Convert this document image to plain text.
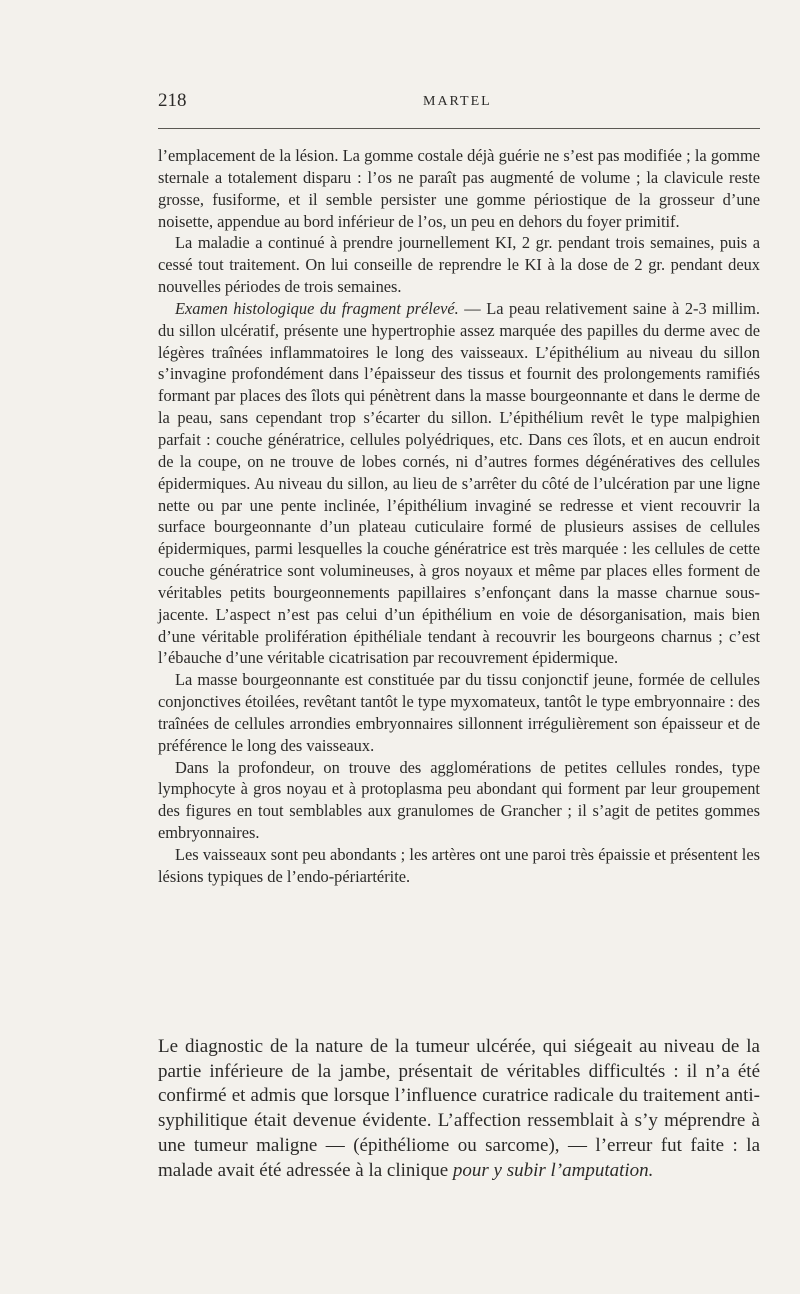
218	MARTEL

l’emplacement de la lésion. La gomme costale déjà guérie ne s’est pas modifiée ; la gomme sternale a totalement disparu : l’os ne paraît pas augmenté de volume ; la clavicule reste grosse, fusiforme, et il semble persister une gomme périostique de la grosseur d’une noisette, appendue au bord inférieur de l’os, un peu en dehors du foyer primitif.

La maladie a continué à prendre journellement KI, 2 gr. pendant trois semaines, puis a cessé tout traitement. On lui conseille de reprendre le KI à la dose de 2 gr. pendant deux nouvelles périodes de trois semaines.

Examen histologique du fragment prélevé. — La peau relativement saine à 2-3 millim. du sillon ulcératif, présente une hypertrophie assez marquée des papilles du derme avec de légères traînées inflammatoires le long des vaisseaux. L’épithélium au niveau du sillon s’invagine profondément dans l’épaisseur des tissus et fournit des prolongements ramifiés formant par places des îlots qui pénètrent dans la masse bourgeonnante et dans le derme de la peau, sans cependant trop s’écarter du sillon. L’épithélium revêt le type malpighien parfait : couche génératrice, cellules polyédriques, etc. Dans ces îlots, et en aucun endroit de la coupe, on ne trouve de lobes cornés, ni d’autres formes dégénératives des cellules épidermiques. Au niveau du sillon, au lieu de s’arrêter du côté de l’ulcération par une ligne nette ou par une pente inclinée, l’épithélium invaginé se redresse et vient recouvrir la surface bourgeonnante d’un plateau cuticulaire formé de plusieurs assises de cellules épidermiques, parmi lesquelles la couche génératrice est très marquée : les cellules de cette couche génératrice sont volumineuses, à gros noyaux et même par places elles forment de véritables petits bourgeonnements papillaires s’enfonçant dans la masse charnue sous-jacente. L’aspect n’est pas celui d’un épithélium en voie de désorganisation, mais bien d’une véritable prolifération épithéliale tendant à recouvrir les bourgeons charnus ; c’est l’ébauche d’une véritable cicatrisation par recouvrement épidermique.

La masse bourgeonnante est constituée par du tissu conjonctif jeune, formée de cellules conjonctives étoilées, revêtant tantôt le type myxomateux, tantôt le type embryonnaire : des traînées de cellules arrondies embryonnaires sillonnent irrégulièrement son épaisseur et de préférence le long des vaisseaux.

Dans la profondeur, on trouve des agglomérations de petites cellules rondes, type lymphocyte à gros noyau et à protoplasma peu abondant qui forment par leur groupement des figures en tout semblables aux granulomes de Grancher ; il s’agit de petites gommes embryonnaires.

Les vaisseaux sont peu abondants ; les artères ont une paroi très épaissie et présentent les lésions typiques de l’endo-périartérite.

Le diagnostic de la nature de la tumeur ulcérée, qui siégeait au niveau de la partie inférieure de la jambe, présentait de véritables difficultés : il n’a été confirmé et admis que lorsque l’influence curatrice radicale du traitement anti-syphilitique était devenue évidente. L’affection ressemblait à s’y méprendre à une tumeur maligne — (épithéliome ou sarcome), — l’erreur fut faite : la malade avait été adressée à la clinique pour y subir l’amputation.
